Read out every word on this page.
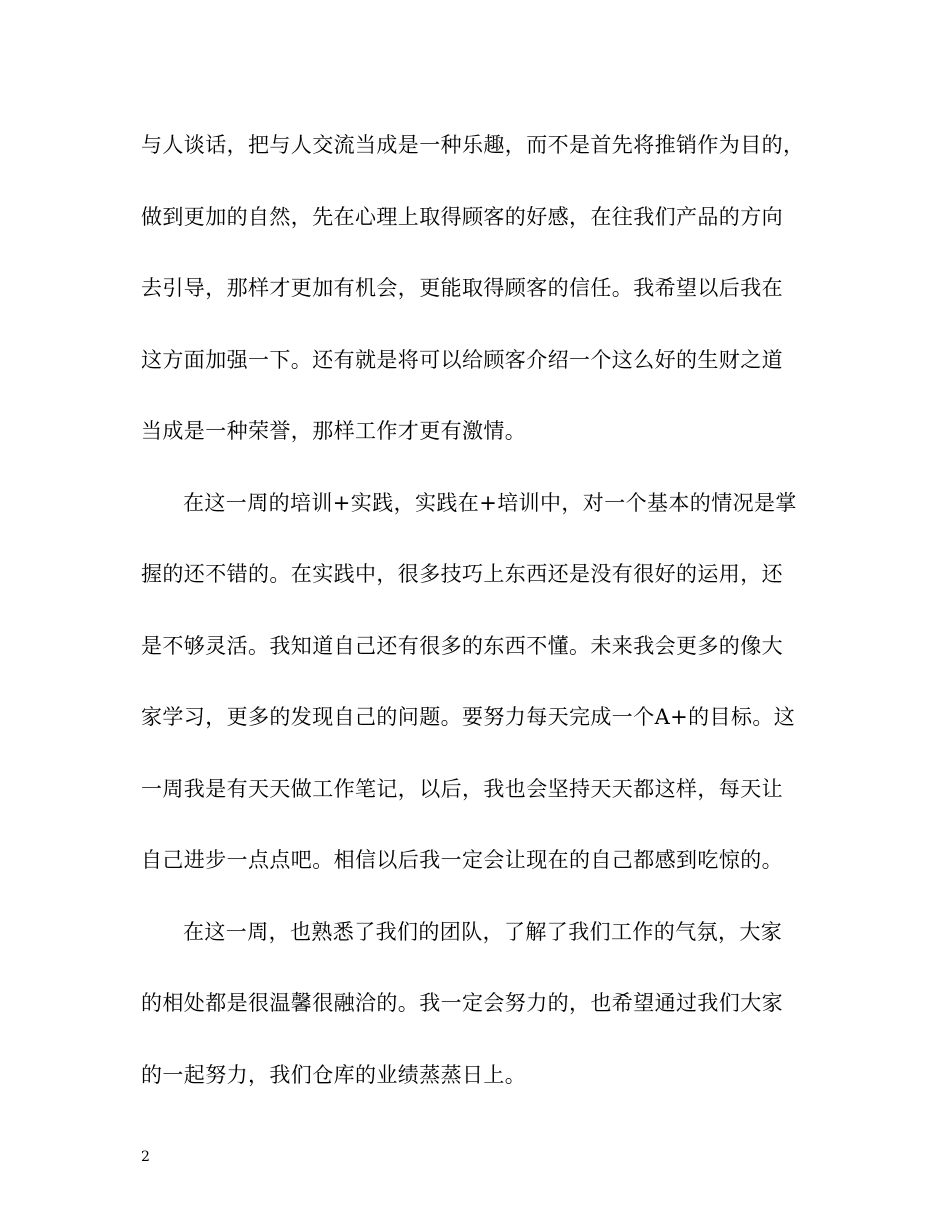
与人谈话，把与人交流当成是一种乐趣，而不是首先将推销作为目的，
做到更加的自然，先在心理上取得顾客的好感，在往我们产品的方向
去引导，那样才更加有机会，更能取得顾客的信任。我希望以后我在
这方面加强一下。还有就是将可以给顾客介绍一个这么好的生财之道
当成是一种荣誉，那样工作才更有激情。
在这一周的培训+实践，实践在+培训中，对一个基本的情况是掌
握的还不错的。在实践中，很多技巧上东西还是没有很好的运用，还
是不够灵活。我知道自己还有很多的东西不懂。未来我会更多的像大
家学习，更多的发现自己的问题。要努力每天完成一个A+的目标。这
一周我是有天天做工作笔记，以后，我也会坚持天天都这样，每天让
自己进步一点点吧。相信以后我一定会让现在的自己都感到吃惊的。
在这一周，也熟悉了我们的团队，了解了我们工作的气氛，大家
的相处都是很温馨很融洽的。我一定会努力的，也希望通过我们大家
的一起努力，我们仓库的业绩蒸蒸日上。
2
